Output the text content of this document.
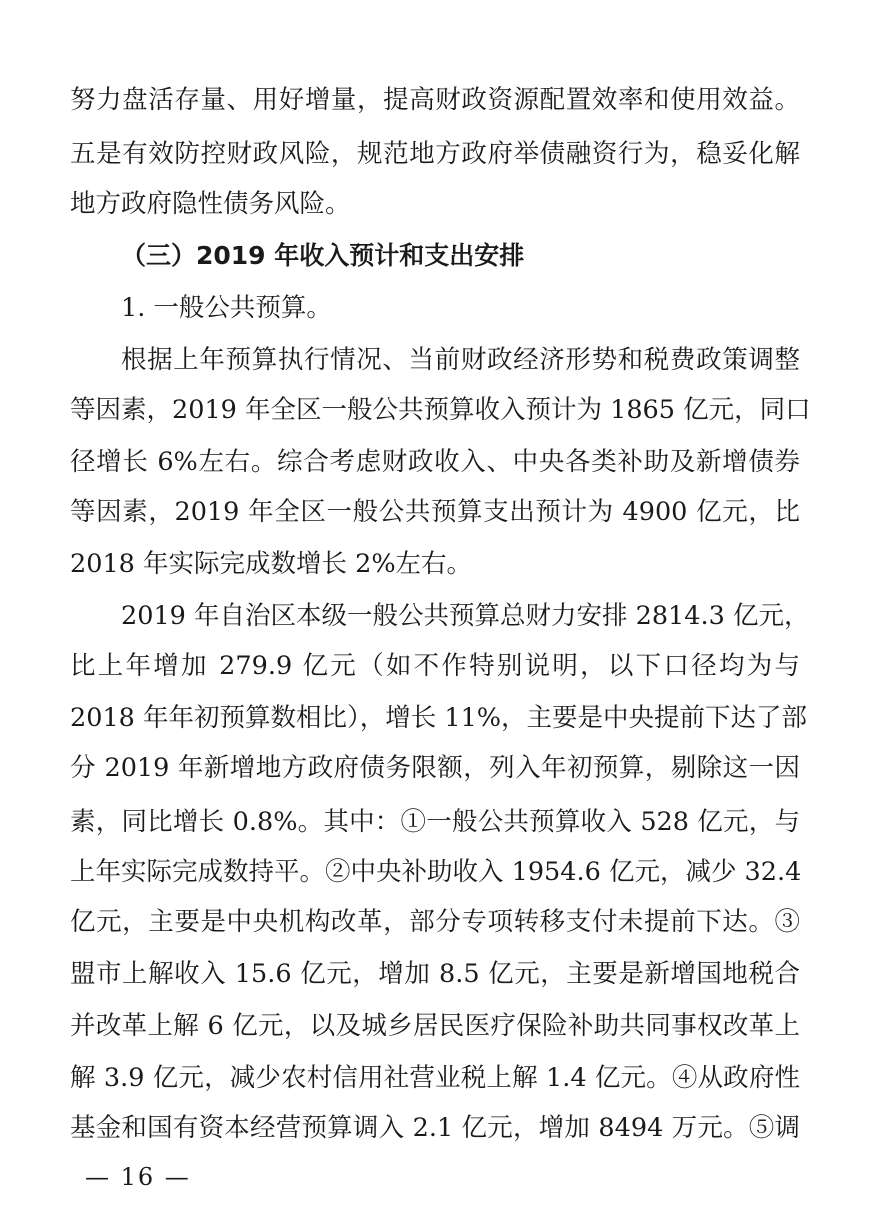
努力盘活存量、用好增量，提高财政资源配置效率和使用效益。
五是有效防控财政风险，规范地方政府举债融资行为，稳妥化解
地方政府隐性债务风险。
（三）2019 年收入预计和支出安排
1. 一般公共预算。
根据上年预算执行情况、当前财政经济形势和税费政策调整
等因素，2019 年全区一般公共预算收入预计为 1865 亿元，同口
径增长 6%左右。综合考虑财政收入、中央各类补助及新增债券
等因素，2019 年全区一般公共预算支出预计为 4900 亿元，比
2018 年实际完成数增长 2%左右。
2019 年自治区本级一般公共预算总财力安排 2814.3 亿元，
比上年增加 279.9 亿元（如不作特别说明，以下口径均为与
2018 年年初预算数相比），增长 11%，主要是中央提前下达了部
分 2019 年新增地方政府债务限额，列入年初预算，剔除这一因
素，同比增长 0.8%。其中：①一般公共预算收入 528 亿元，与
上年实际完成数持平。②中央补助收入 1954.6 亿元，减少 32.4
亿元，主要是中央机构改革，部分专项转移支付未提前下达。③
盟市上解收入 15.6 亿元，增加 8.5 亿元，主要是新增国地税合
并改革上解 6 亿元，以及城乡居民医疗保险补助共同事权改革上
解 3.9 亿元，减少农村信用社营业税上解 1.4 亿元。④从政府性
基金和国有资本经营预算调入 2.1 亿元，增加 8494 万元。⑤调
— 16 —
